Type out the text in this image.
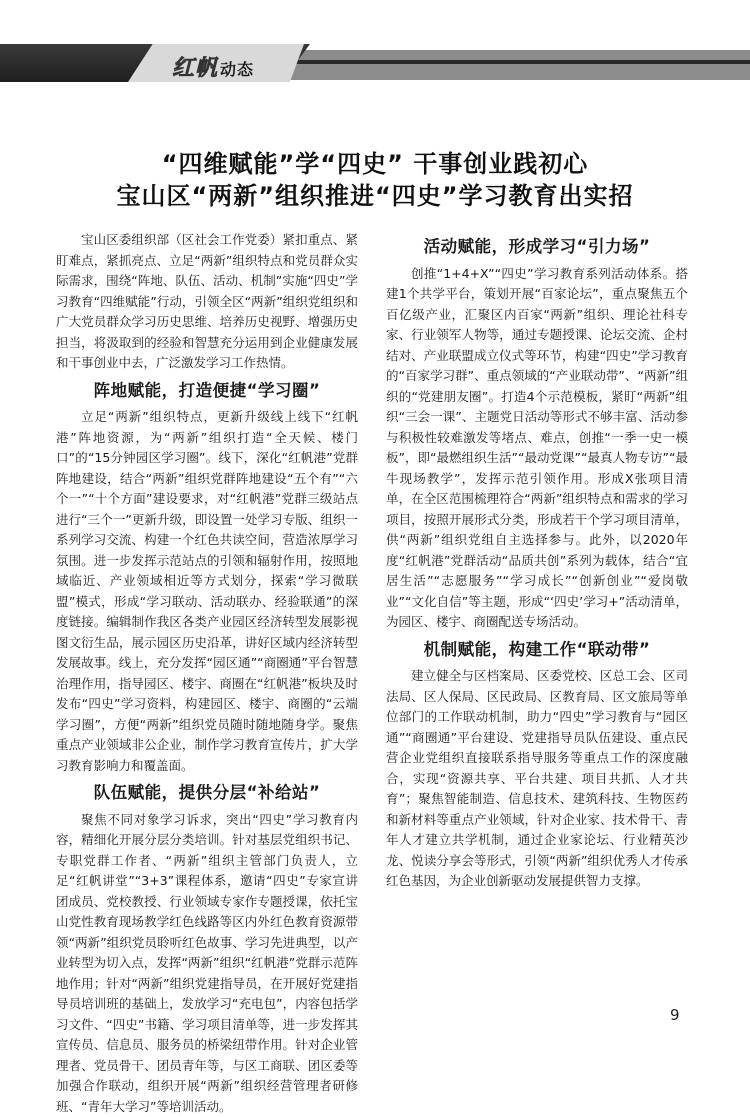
红帆 动态
“四维赋能”学“四史” 干事创业践初心
宝山区“两新”组织推进“四史”学习教育出实招

宝山区委组织部（区社会工作党委）紧扣重点、紧盯难点，紧抓亮点、立足“两新”组织特点和党员群众实际需求，围绕“阵地、队伍、活动、机制”实施“四史”学习教育“四维赋能”行动，引领全区“两新”组织党组织和广大党员群众学习历史思维、培养历史视野、增强历史担当，将汲取到的经验和智慧充分运用到企业健康发展和干事创业中去，广泛激发学习工作热情。

阵地赋能，打造便捷“学习圈”

立足“两新”组织特点，更新升级线上线下“红帆港”阵地资源，为“两新”组织打造“全天候、楼门口”的“15分钟园区学习圈”。线下，深化“红帆港”党群阵地建设，结合“两新”组织党群阵地建设“五个有”“六个一”“十个方面”建设要求，对“红帆港”党群三级站点进行“三个一”更新升级，即设置一处学习专版、组织一系列学习交流、构建一个红色共读空间，营造浓厚学习氛围。进一步发挥示范站点的引领和辐射作用，按照地域临近、产业领域相近等方式划分，探索“学习微联盟”模式，形成“学习联动、活动联办、经验联通”的深度链接。编辑制作我区各类产业园区经济转型发展影视图文衍生品，展示园区历史沿革，讲好区域内经济转型发展故事。线上，充分发挥“园区通”“商圈通”平台智慧治理作用，指导园区、楼宇、商圈在“红帆港”板块及时发布“四史”学习资料，构建园区、楼宇、商圈的“云端学习圈”，方便“两新”组织党员随时随地随身学。聚焦重点产业领域非公企业，制作学习教育宣传片，扩大学习教育影响力和覆盖面。

队伍赋能，提供分层“补给站”

聚焦不同对象学习诉求，突出“四史”学习教育内容，精细化开展分层分类培训。针对基层党组织书记、专职党群工作者、“两新”组织主管部门负责人，立足“红帆讲堂”“3+3”课程体系，邀请“四史”专家宣讲团成员、党校教授、行业领域专家作专题授课，依托宝山党性教育现场教学红色线路等区内外红色教育资源带领“两新”组织党员聆听红色故事、学习先进典型，以产业转型为切入点，发挥“两新”组织“红帆港”党群示范阵地作用；针对“两新”组织党建指导员，在开展好党建指导员培训班的基础上，发放学习“充电包”，内容包括学习文件、“四史”书籍、学习项目清单等，进一步发挥其宣传员、信息员、服务员的桥梁纽带作用。针对企业管理者、党员骨干、团员青年等，与区工商联、团区委等加强合作联动，组织开展“两新”组织经营管理者研修班、“青年大学习”等培训活动。

活动赋能，形成学习“引力场”

创推“1+4+X”“四史”学习教育系列活动体系。搭建1个共学平台，策划开展“百家论坛”，重点聚焦五个百亿级产业，汇聚区内百家“两新”组织、理论社科专家、行业领军人物等，通过专题授课、论坛交流、企村结对、产业联盟成立仪式等环节，构建“四史”学习教育的“百家学习群”、重点领域的“产业联动带”、“两新”组织的“党建朋友圈”。打造4个示范模板，紧盯“两新”组织“三会一课”、主题党日活动等形式不够丰富、活动参与积极性较难激发等堵点、难点，创推“一季一史一模板”，即“最燃组织生活”“最动党课”“最真人物专访”“最牛现场教学”，发挥示范引领作用。形成X张项目清单，在全区范围梳理符合“两新”组织特点和需求的学习项目，按照开展形式分类，形成若干个学习项目清单，供“两新”组织党组自主选择参与。此外，以2020年度“红帆港”党群活动“品质共创”系列为载体，结合“宜居生活”“志愿服务”“学习成长”“创新创业”“爱岗敬业”“文化自信”等主题，形成“‘四史’学习+”活动清单，为园区、楼宇、商圈配送专场活动。

机制赋能，构建工作“联动带”

建立健全与区档案局、区委党校、区总工会、区司法局、区人保局、区民政局、区教育局、区文旅局等单位部门的工作联动机制，助力“四史”学习教育与“园区通”“商圈通”平台建设、党建指导员队伍建设、重点民营企业党组织直接联系指导服务等重点工作的深度融合，实现“资源共享、平台共建、项目共抓、人才共育”；聚焦智能制造、信息技术、建筑科技、生物医药和新材料等重点产业领域，针对企业家、技术骨干、青年人才建立共学机制，通过企业家论坛、行业精英沙龙、悦读分享会等形式，引领“两新”组织优秀人才传承红色基因，为企业创新驱动发展提供智力支撑。

9
